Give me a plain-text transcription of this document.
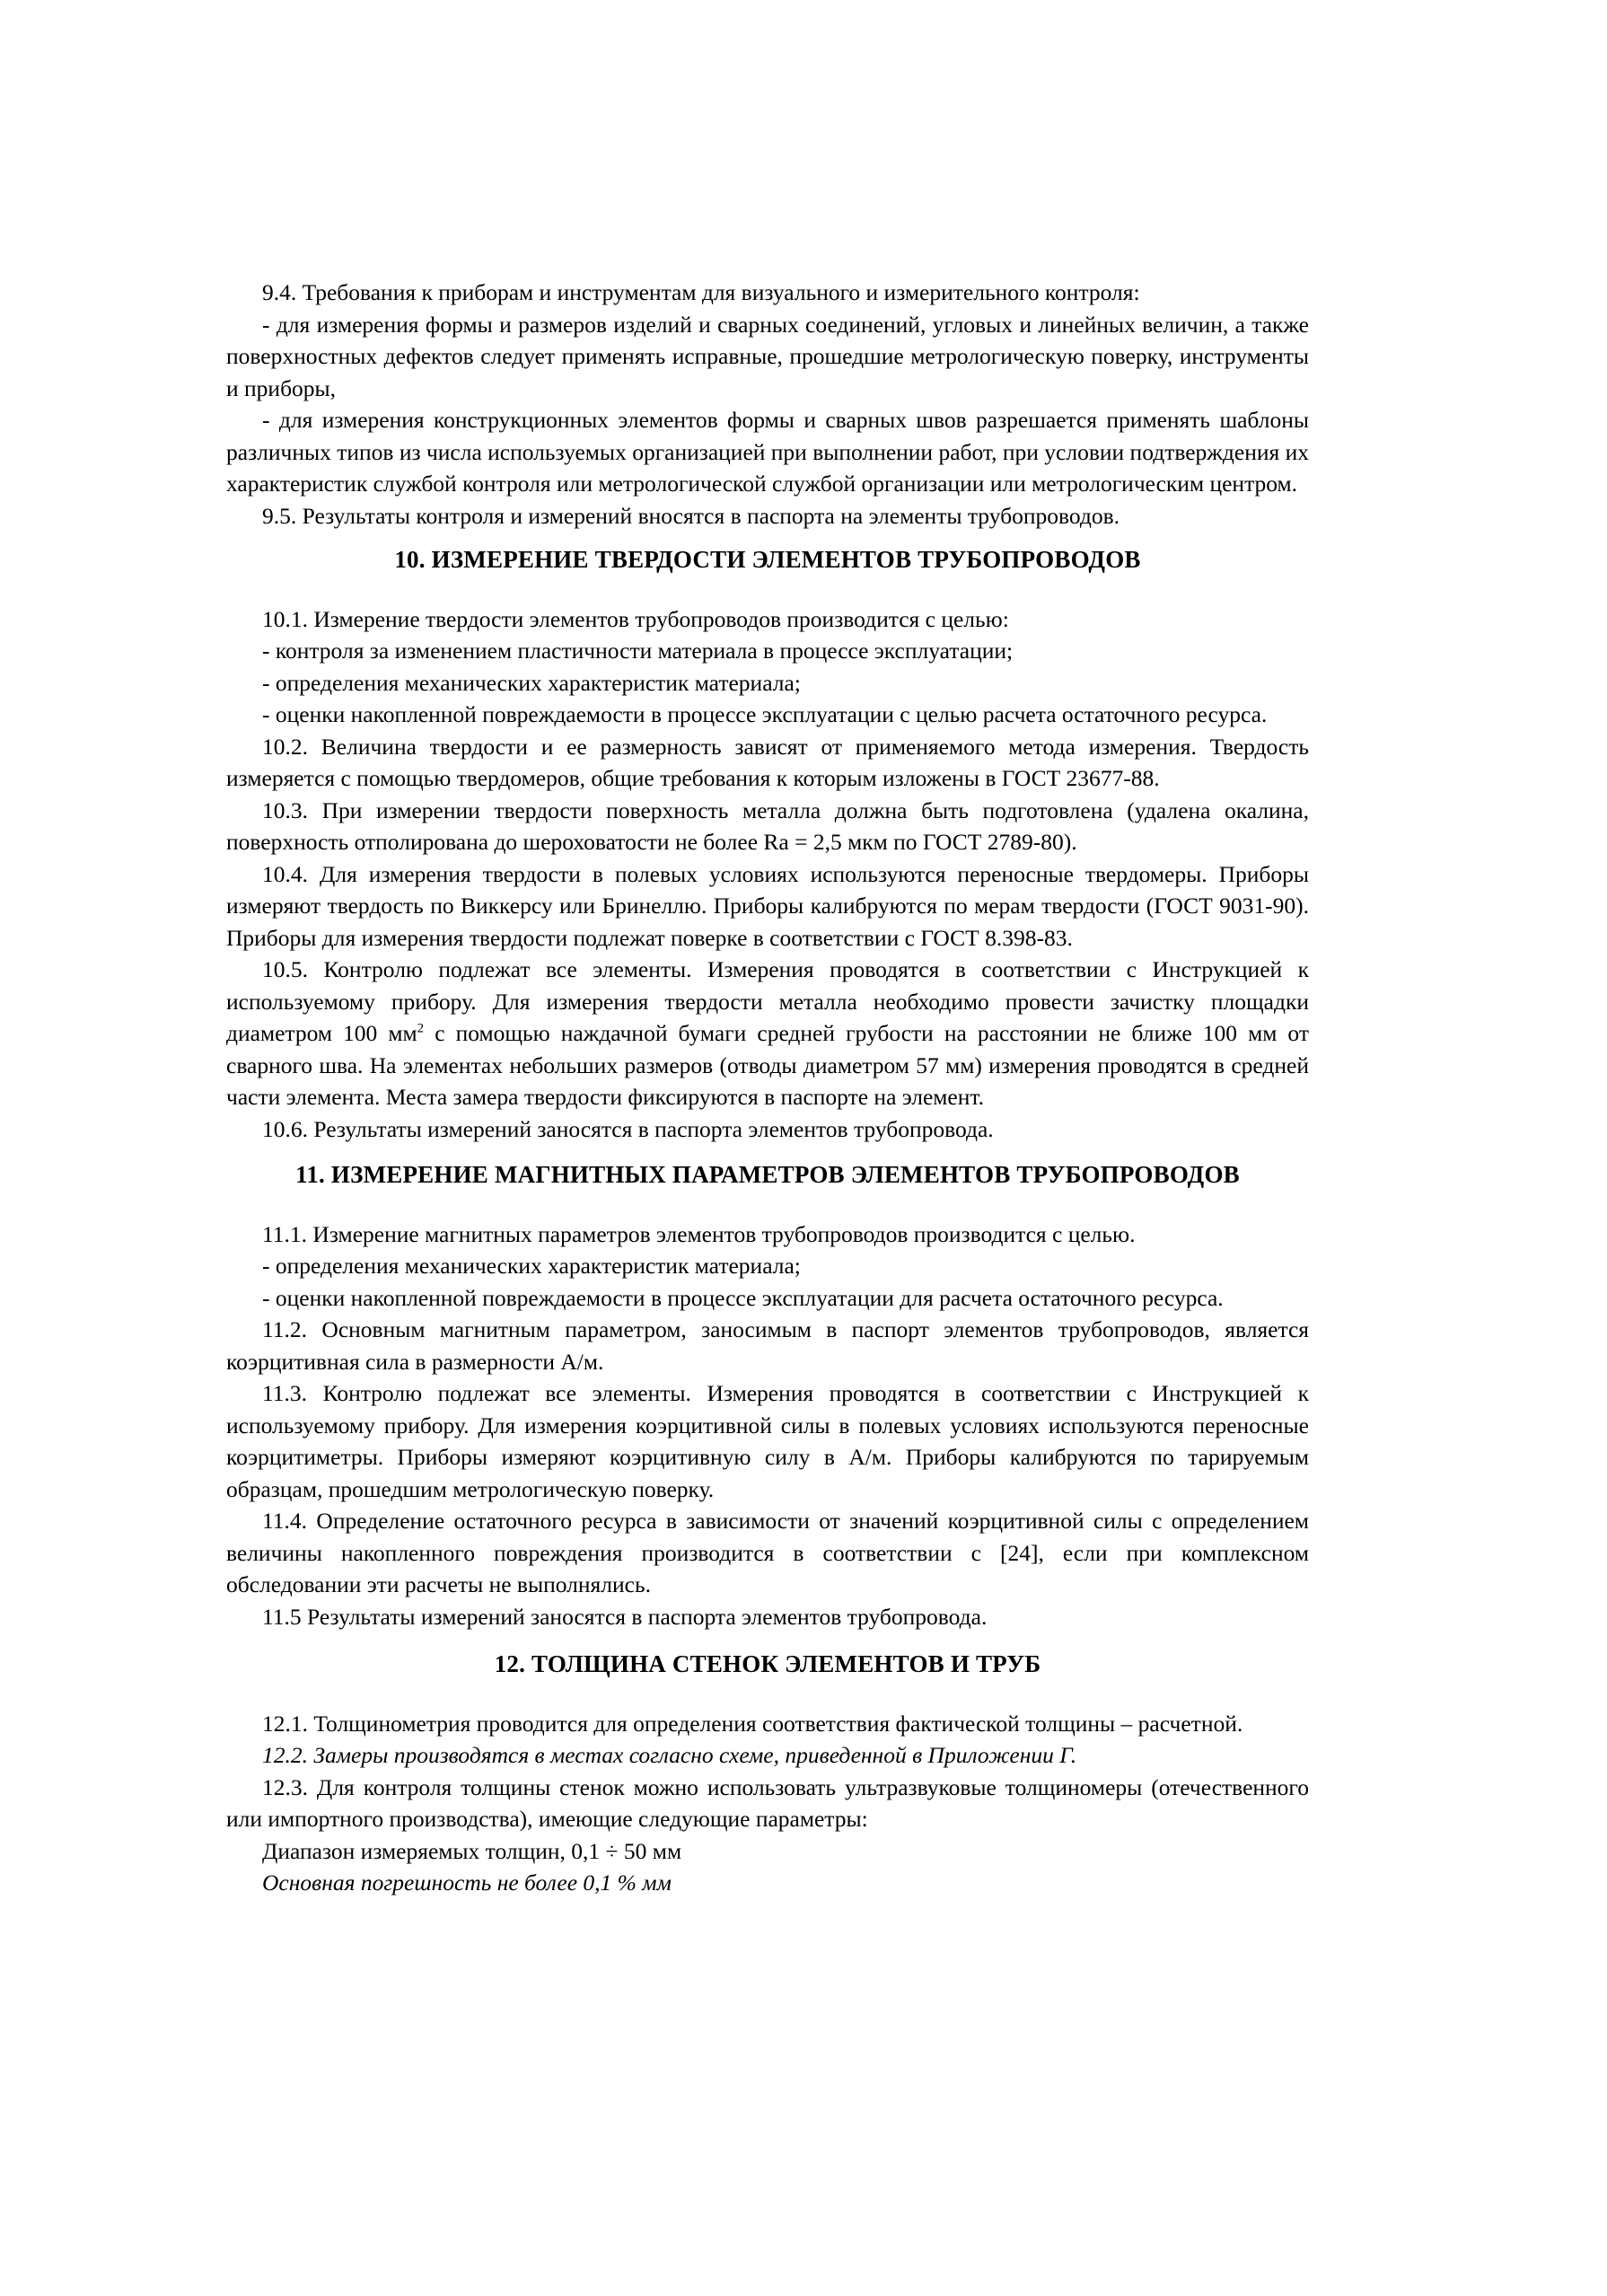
9.4. Требования к приборам и инструментам для визуального и измерительного контроля:

- для измерения формы и размеров изделий и сварных соединений, угловых и линейных величин, а также поверхностных дефектов следует применять исправные, прошедшие метрологическую поверку, инструменты и приборы,

- для измерения конструкционных элементов формы и сварных швов разрешается применять шаблоны различных типов из числа используемых организацией при выполнении работ, при условии подтверждения их характеристик службой контроля или метрологической службой организации или метрологическим центром.

9.5. Результаты контроля и измерений вносятся в паспорта на элементы трубопроводов.

10. ИЗМЕРЕНИЕ ТВЕРДОСТИ ЭЛЕМЕНТОВ ТРУБОПРОВОДОВ

10.1. Измерение твердости элементов трубопроводов производится с целью:

- контроля за изменением пластичности материала в процессе эксплуатации;

- определения механических характеристик материала;

- оценки накопленной повреждаемости в процессе эксплуатации с целью расчета остаточного ресурса.

10.2. Величина твердости и ее размерность зависят от применяемого метода измерения. Твердость измеряется с помощью твердомеров, общие требования к которым изложены в ГОСТ 23677-88.

10.3. При измерении твердости поверхность металла должна быть подготовлена (удалена окалина, поверхность отполирована до шероховатости не более Ra = 2,5 мкм по ГОСТ 2789-80).

10.4. Для измерения твердости в полевых условиях используются переносные твердомеры. Приборы измеряют твердость по Виккерсу или Бринеллю. Приборы калибруются по мерам твердости (ГОСТ 9031-90). Приборы для измерения твердости подлежат поверке в соответствии с ГОСТ 8.398-83.

10.5. Контролю подлежат все элементы. Измерения проводятся в соответствии с Инструкцией к используемому прибору. Для измерения твердости металла необходимо провести зачистку площадки диаметром 100 $мм^2$ с помощью наждачной бумаги средней грубости на расстоянии не ближе 100 мм от сварного шва. На элементах небольших размеров (отводы диаметром 57 мм) измерения проводятся в средней части элемента. Места замера твердости фиксируются в паспорте на элемент.

10.6. Результаты измерений заносятся в паспорта элементов трубопровода.

11. ИЗМЕРЕНИЕ МАГНИТНЫХ ПАРАМЕТРОВ ЭЛЕМЕНТОВ ТРУБОПРОВОДОВ

11.1. Измерение магнитных параметров элементов трубопроводов производится с целью.

- определения механических характеристик материала;

- оценки накопленной повреждаемости в процессе эксплуатации для расчета остаточного ресурса.

11.2. Основным магнитным параметром, заносимым в паспорт элементов трубопроводов, является коэрцитивная сила в размерности А/м.

11.3. Контролю подлежат все элементы. Измерения проводятся в соответствии с Инструкцией к используемому прибору. Для измерения коэрцитивной силы в полевых условиях используются переносные коэрцитиметры. Приборы измеряют коэрцитивную силу в А/м. Приборы калибруются по тарируемым образцам, прошедшим метрологическую поверку.

11.4. Определение остаточного ресурса в зависимости от значений коэрцитивной силы с определением величины накопленного повреждения производится в соответствии с [24], если при комплексном обследовании эти расчеты не выполнялись.

11.5 Результаты измерений заносятся в паспорта элементов трубопровода.

12. ТОЛЩИНА СТЕНОК ЭЛЕМЕНТОВ И ТРУБ

12.1. Толщинометрия проводится для определения соответствия фактической толщины – расчетной.

12.2. Замеры производятся в местах согласно схеме, приведенной в Приложении Г.

12.3. Для контроля толщины стенок можно использовать ультразвуковые толщиномеры (отечественного или импортного производства), имеющие следующие параметры:

Диапазон измеряемых толщин, 0,1 ÷ 50 мм

Основная погрешность не более 0,1 % мм
